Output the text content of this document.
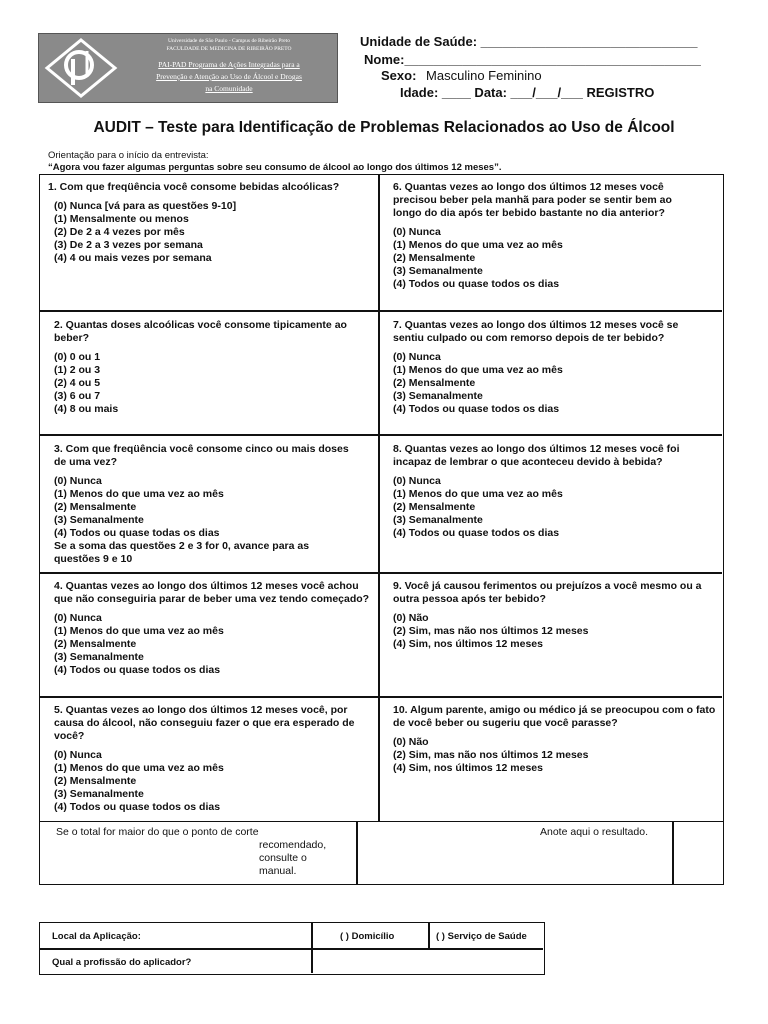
Universidade de São Paulo - Campus de Ribeirão Preto
FACULDADE DE MEDICINA DE RIBEIRÃO PRETO
PAI-PAD Programa de Ações Integradas para a
Prevenção e Atenção ao Uso de Álcool e Drogas
na Comunidade
Unidade de Saúde: ______________________________
Nome:_________________________________________
Sexo: Masculino Feminino
Idade: ____ Data: ___/___/___ REGISTRO
AUDIT – Teste para Identificação de Problemas Relacionados ao Uso de Álcool
Orientação para o início da entrevista:
“Agora vou fazer algumas perguntas sobre seu consumo de álcool ao longo dos últimos 12 meses”.
1. Com que freqüência você consome bebidas alcoólicas?
(0) Nunca [vá para as questões 9-10]
(1) Mensalmente ou menos
(2) De 2 a 4 vezes por mês
(3) De 2 a 3 vezes por semana
(4) 4 ou mais vezes por semana
2. Quantas doses alcoólicas você consome tipicamente ao beber?
(0) 0 ou 1
(1) 2 ou 3
(2) 4 ou 5
(3) 6 ou 7
(4) 8 ou mais
3. Com que freqüência você consome cinco ou mais doses de uma vez?
(0) Nunca
(1) Menos do que uma vez ao mês
(2) Mensalmente
(3) Semanalmente
(4) Todos ou quase todas os dias
Se a soma das questões 2 e 3 for 0, avance para as questões 9 e 10
4. Quantas vezes ao longo dos últimos 12 meses você achou que não conseguiria parar de beber uma vez tendo começado?
(0) Nunca
(1) Menos do que uma vez ao mês
(2) Mensalmente
(3) Semanalmente
(4) Todos ou quase todos os dias
5. Quantas vezes ao longo dos últimos 12 meses você, por causa do álcool, não conseguiu fazer o que era esperado de você?
(0) Nunca
(1) Menos do que uma vez ao mês
(2) Mensalmente
(3) Semanalmente
(4) Todos ou quase todos os dias
6. Quantas vezes ao longo dos últimos 12 meses você precisou beber pela manhã para poder se sentir bem ao longo do dia após ter bebido bastante no dia anterior?
(0) Nunca
(1) Menos do que uma vez ao mês
(2) Mensalmente
(3) Semanalmente
(4) Todos ou quase todos os dias
7. Quantas vezes ao longo dos últimos 12 meses você se sentiu culpado ou com remorso depois de ter bebido?
(0) Nunca
(1) Menos do que uma vez ao mês
(2) Mensalmente
(3) Semanalmente
(4) Todos ou quase todos os dias
8. Quantas vezes ao longo dos últimos 12 meses você foi incapaz de lembrar o que aconteceu devido à bebida?
(0) Nunca
(1) Menos do que uma vez ao mês
(2) Mensalmente
(3) Semanalmente
(4) Todos ou quase todos os dias
9. Você já causou ferimentos ou prejuízos a você mesmo ou a outra pessoa após ter bebido?
(0) Não
(2) Sim, mas não nos últimos 12 meses
(4) Sim, nos últimos 12 meses
10. Algum parente, amigo ou médico já se preocupou com o fato de você beber ou sugeriu que você parasse?
(0) Não
(2) Sim, mas não nos últimos 12 meses
(4) Sim, nos últimos 12 meses
Se o total for maior do que o ponto de corte
recomendado,
consulte o
manual.
Anote aqui o resultado.
Local da Aplicação:	( ) Domicílio	( ) Serviço de Saúde
Qual a profissão do aplicador?
